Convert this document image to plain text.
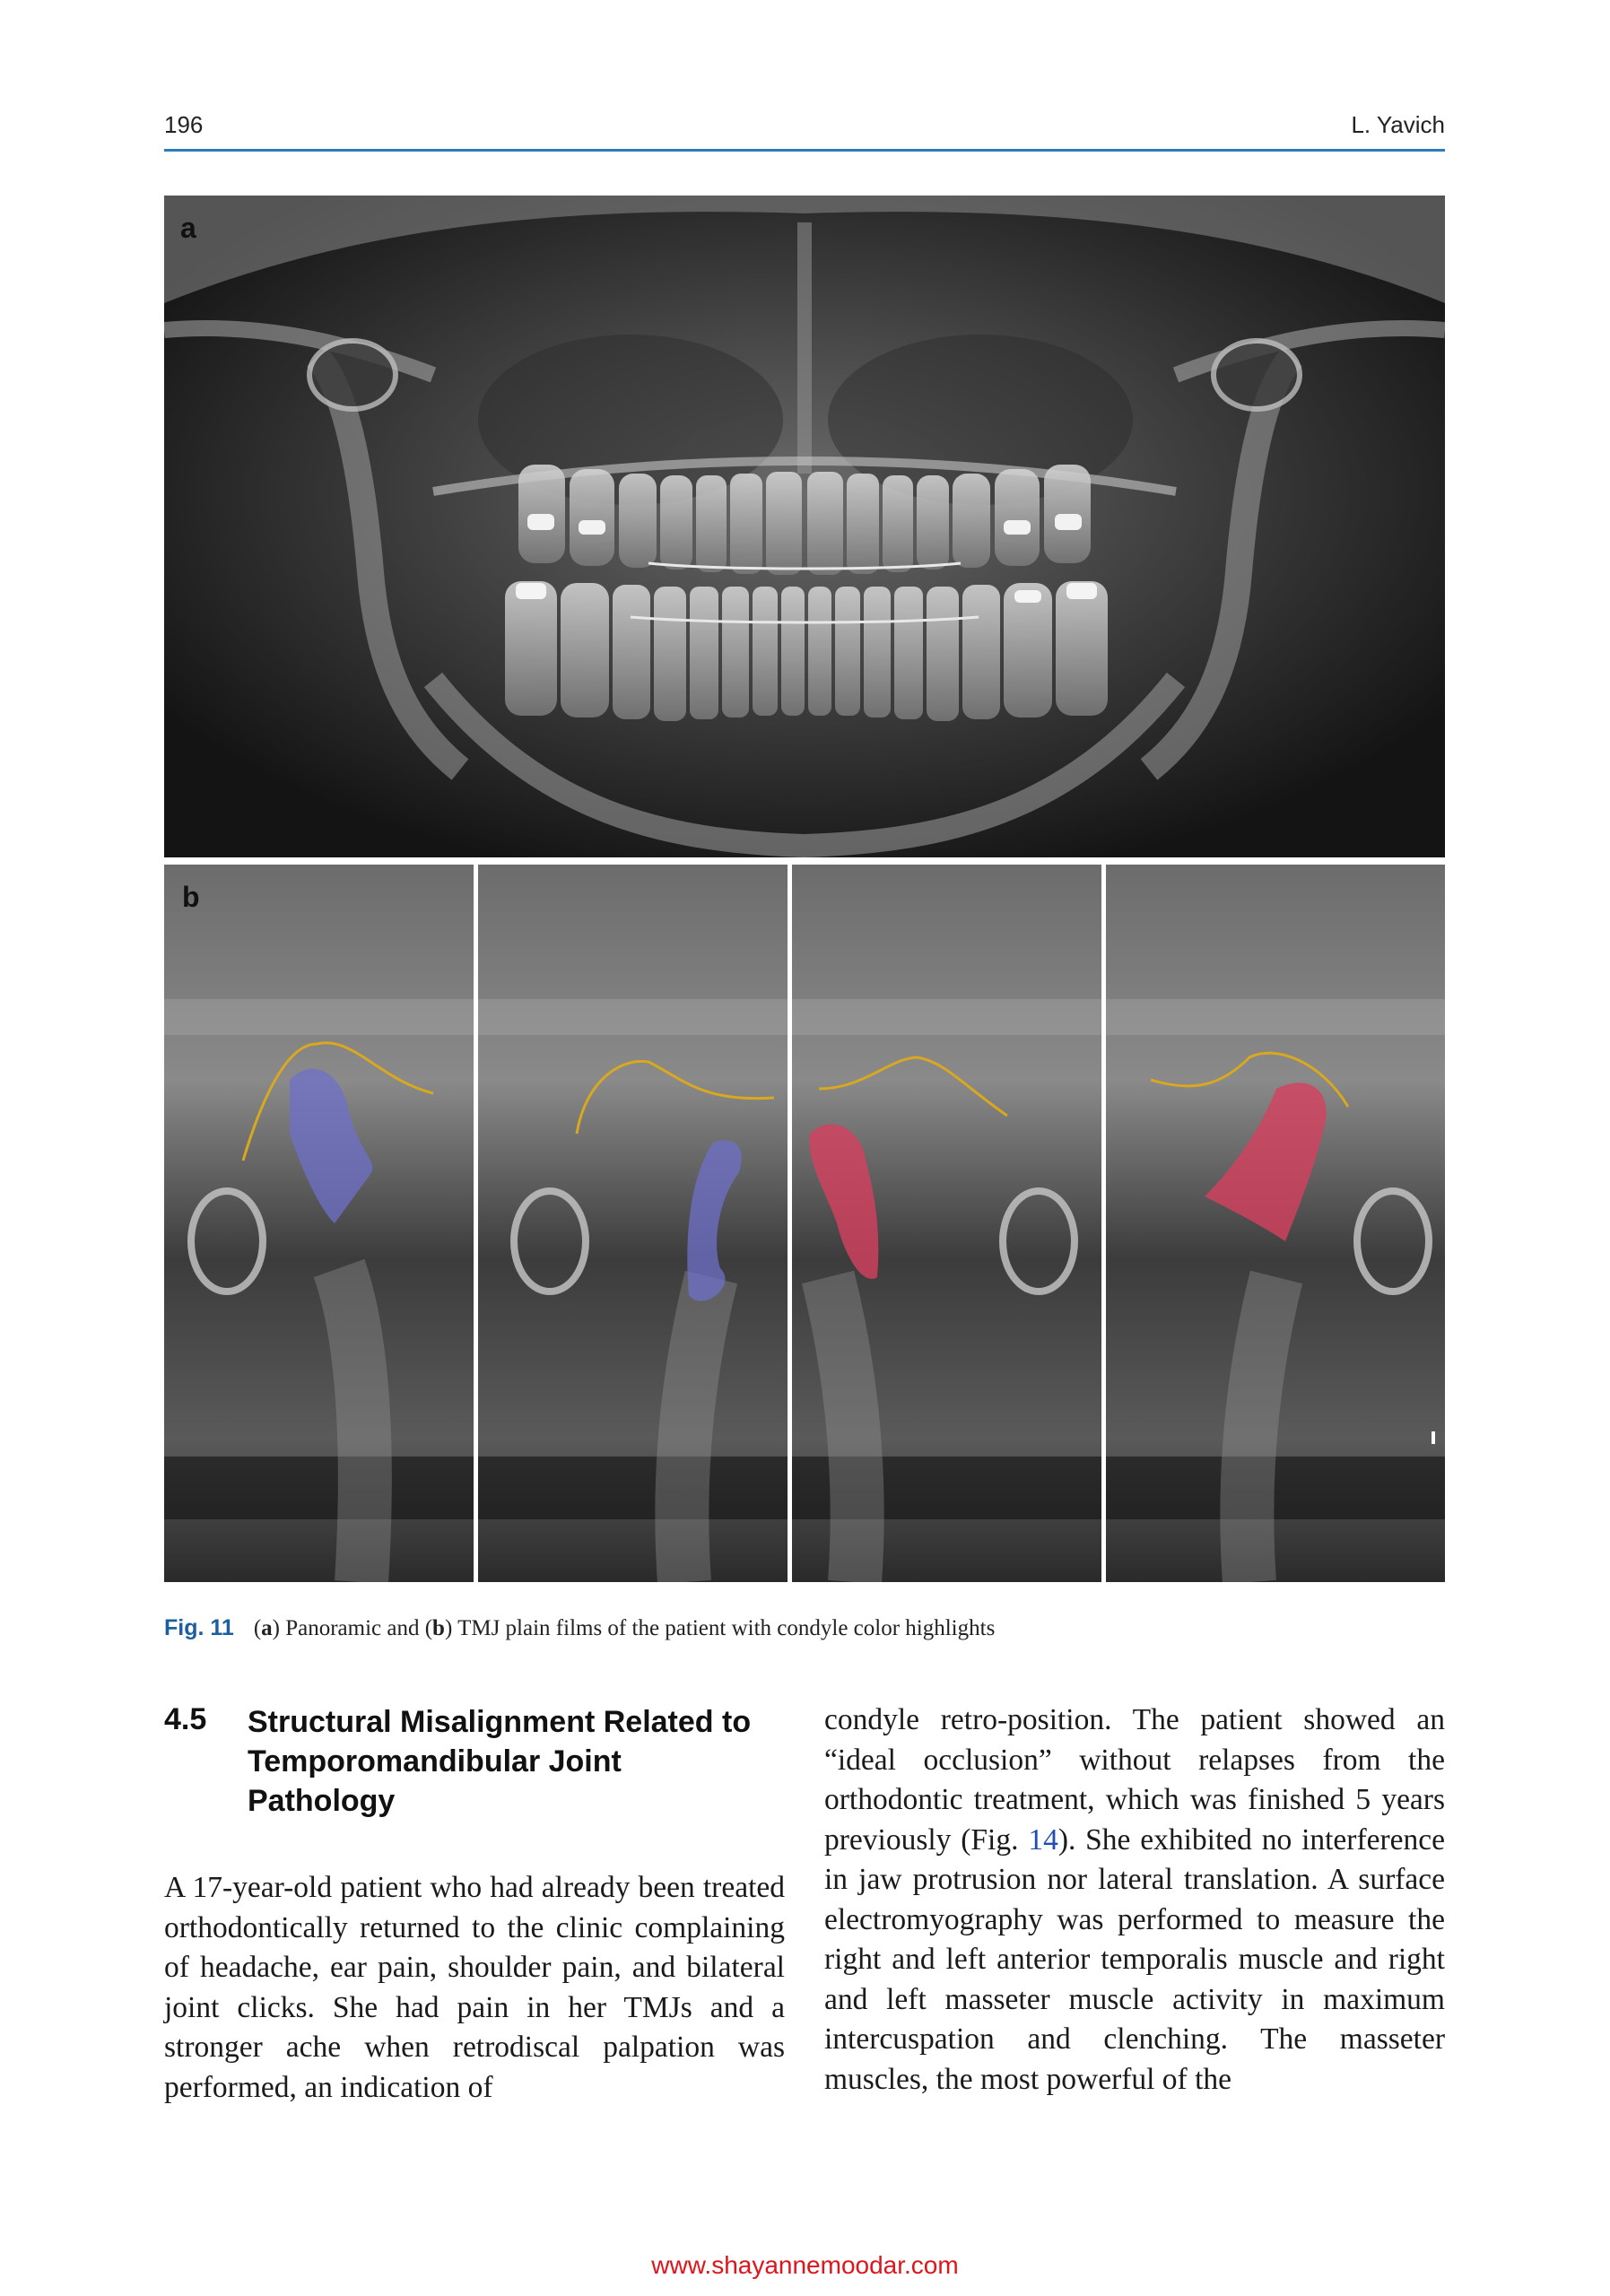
196	L. Yavich
a
b
Fig. 11 (a) Panoramic and (b) TMJ plain films of the patient with condyle color highlights
4.5 Structural Misalignment Related to Temporomandibular Joint Pathology
A 17-year-old patient who had already been treated orthodontically returned to the clinic complaining of headache, ear pain, shoulder pain, and bilateral joint clicks. She had pain in her TMJs and a stronger ache when retrodiscal palpation was performed, an indication of
condyle retro-position. The patient showed an “ideal occlusion” without relapses from the orthodontic treatment, which was finished 5 years previously (Fig. 14). She exhibited no interference in jaw protrusion nor lateral translation. A surface electromyography was performed to measure the right and left anterior temporalis muscle and right and left masseter muscle activity in maximum intercuspation and clenching. The masseter muscles, the most powerful of the
www.shayannemoodar.com
